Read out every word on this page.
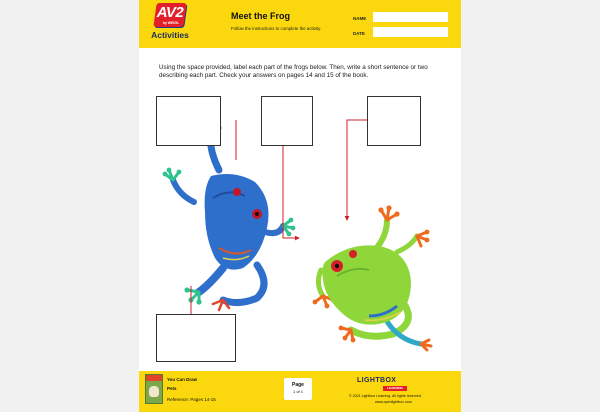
AV2
by WEIGL
Activities
Meet the Frog
Follow the instructions to complete the activity.
NAME
DATE
Using the space provided, label each part of the frogs below. Then, write a short sentence or two describing each part. Check your answers on pages 14 and 15 of the book.
You Can Draw
Pets
Reference: Pages 14-15
Page
1 of 1
LIGHTBOX
LEARNING
© 2021 Lightbox Learning. All rights reserved.
www.openlightbox.com
